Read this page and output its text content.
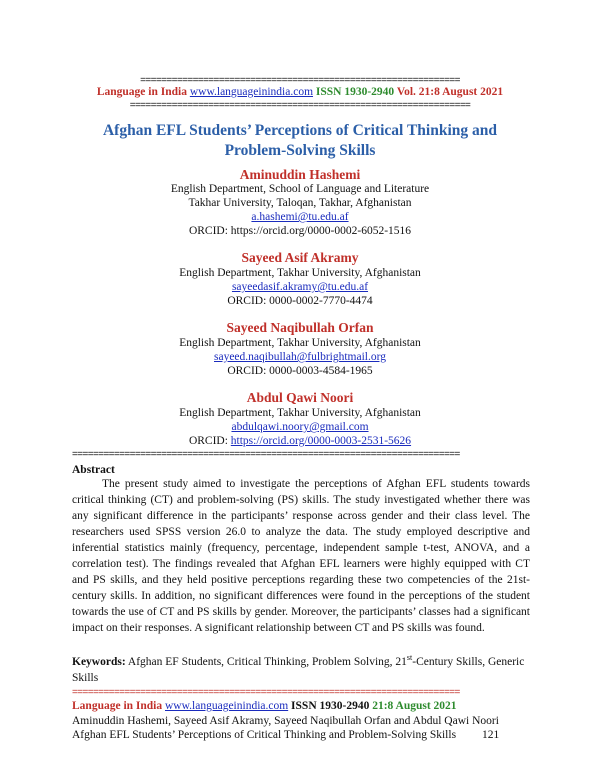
=============================================================
Language in India www.languageinindia.com ISSN 1930-2940 Vol. 21:8 August 2021
=================================================================
Afghan EFL Students’ Perceptions of Critical Thinking and
Problem-Solving Skills
Aminuddin Hashemi
English Department, School of Language and Literature
Takhar University, Taloqan, Takhar, Afghanistan
a.hashemi@tu.edu.af
ORCID: https://orcid.org/0000-0002-6052-1516
Sayeed Asif Akramy
English Department, Takhar University, Afghanistan
sayeedasif.akramy@tu.edu.af
ORCID: 0000-0002-7770-4474
Sayeed Naqibullah Orfan
English Department, Takhar University, Afghanistan
sayeed.naqibullah@fulbrightmail.org
ORCID: 0000-0003-4584-1965
Abdul Qawi Noori
English Department, Takhar University, Afghanistan
abdulqawi.noory@gmail.com
ORCID: https://orcid.org/0000-0003-2531-5626
==========================================================================
Abstract
The present study aimed to investigate the perceptions of Afghan EFL students towards critical thinking (CT) and problem-solving (PS) skills. The study investigated whether there was any significant difference in the participants’ response across gender and their class level. The researchers used SPSS version 26.0 to analyze the data. The study employed descriptive and inferential statistics mainly (frequency, percentage, independent sample t-test, ANOVA, and a correlation test). The findings revealed that Afghan EFL learners were highly equipped with CT and PS skills, and they held positive perceptions regarding these two competencies of the 21st-century skills. In addition, no significant differences were found in the perceptions of the student towards the use of CT and PS skills by gender. Moreover, the participants’ classes had a significant impact on their responses. A significant relationship between CT and PS skills was found.
Keywords: Afghan EF Students, Critical Thinking, Problem Solving, 21st-Century Skills, Generic Skills
==========================================================================
Language in India www.languageinindia.com ISSN 1930-2940 21:8 August 2021
Aminuddin Hashemi, Sayeed Asif Akramy, Sayeed Naqibullah Orfan and Abdul Qawi Noori
Afghan EFL Students’ Perceptions of Critical Thinking and Problem-Solving Skills 121
